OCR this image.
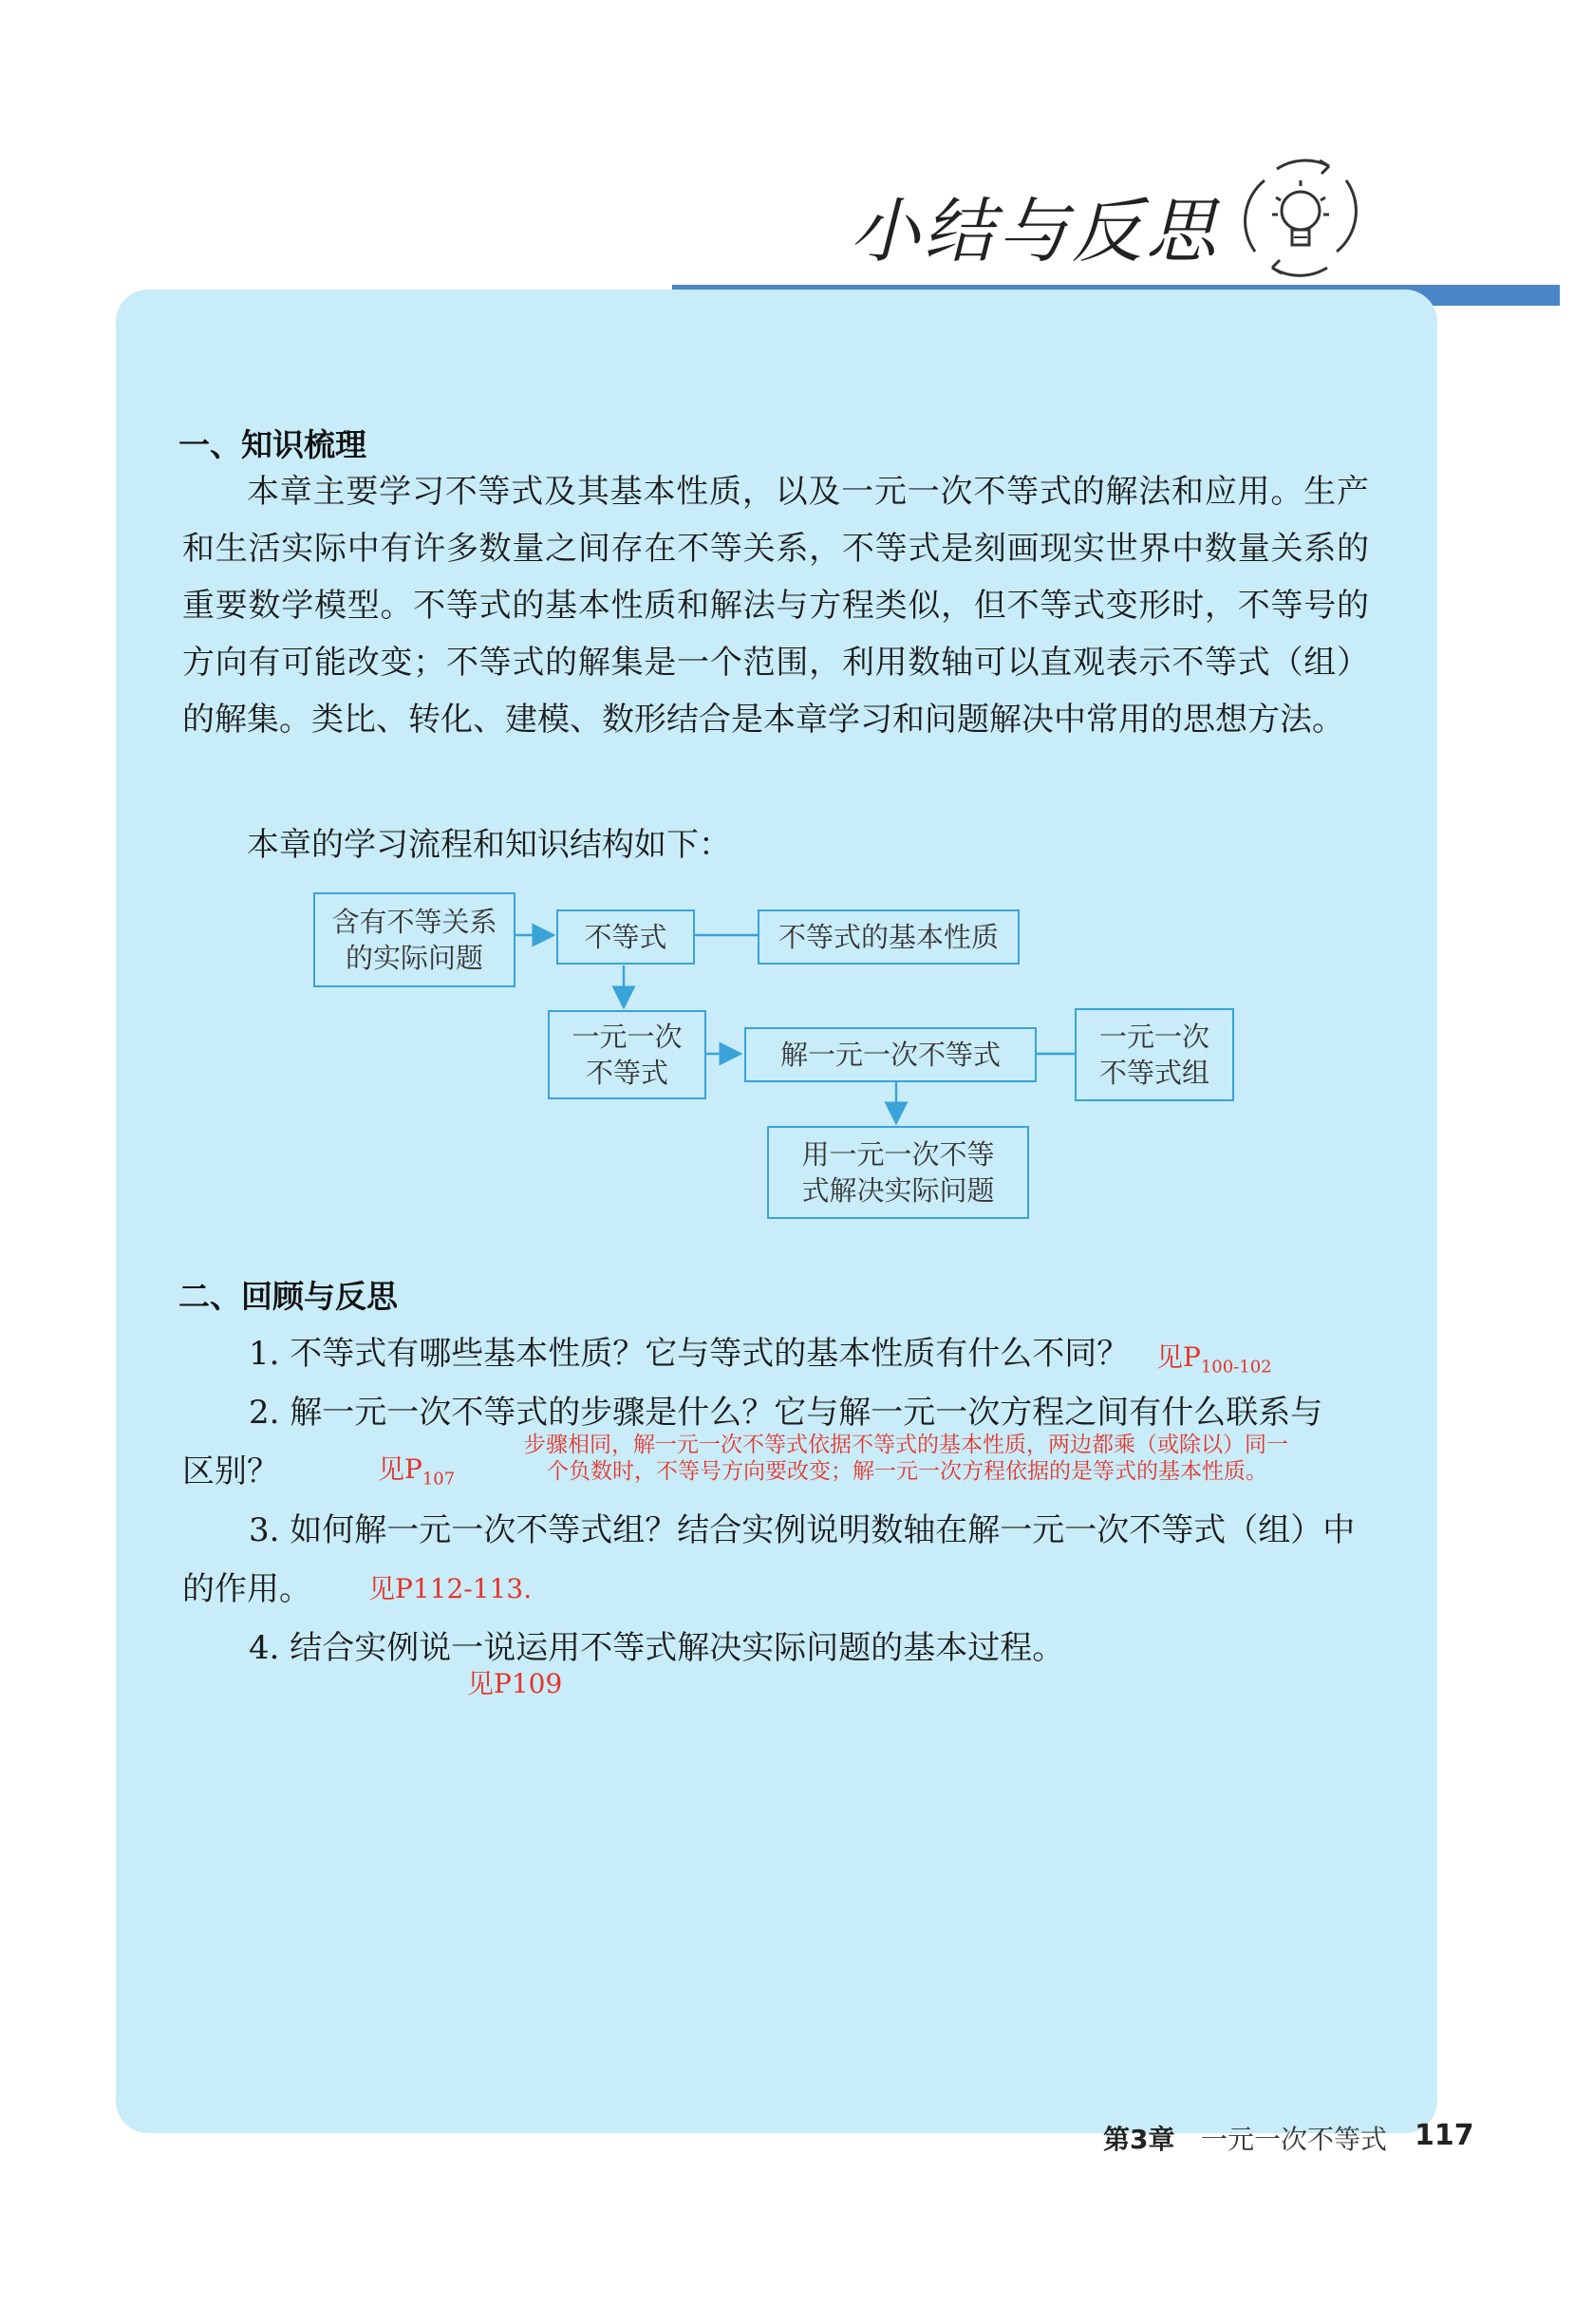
小结与反思
一、知识梳理

本章主要学习不等式及其基本性质，以及一元一次不等式的解法和应用。生产和生活实际中有许多数量之间存在不等关系，不等式是刻画现实世界中数量关系的重要数学模型。不等式的基本性质和解法与方程类似，但不等式变形时，不等号的方向有可能改变；不等式的解集是一个范围，利用数轴可以直观表示不等式（组）的解集。类比、转化、建模、数形结合是本章学习和问题解决中常用的思想方法。

本章的学习流程和知识结构如下：
含有不等关系的实际问题
不等式	不等式的基本性质
一元一次不等式
解一元一次不等式
一元一次不等式组
用一元一次不等式解决实际问题
二、回顾与反思
1. 不等式有哪些基本性质？它与等式的基本性质有什么不同？ 见$P_{100-102}$
2. 解一元一次不等式的步骤是什么？它与解一元一次方程之间有什么联系与
区别？	见$P_{107}$
步骤相同，解一元一次不等式依据不等式的基本性质，两边都乘（或除以）同一
个负数时，不等号方向要改变；解一元一次方程依据的是等式的基本性质。
3. 如何解一元一次不等式组？结合实例说明数轴在解一元一次不等式（组）中
的作用。 见P112-113.
4. 结合实例说一说运用不等式解决实际问题的基本过程。
见P109
第3章 一元一次不等式 117
